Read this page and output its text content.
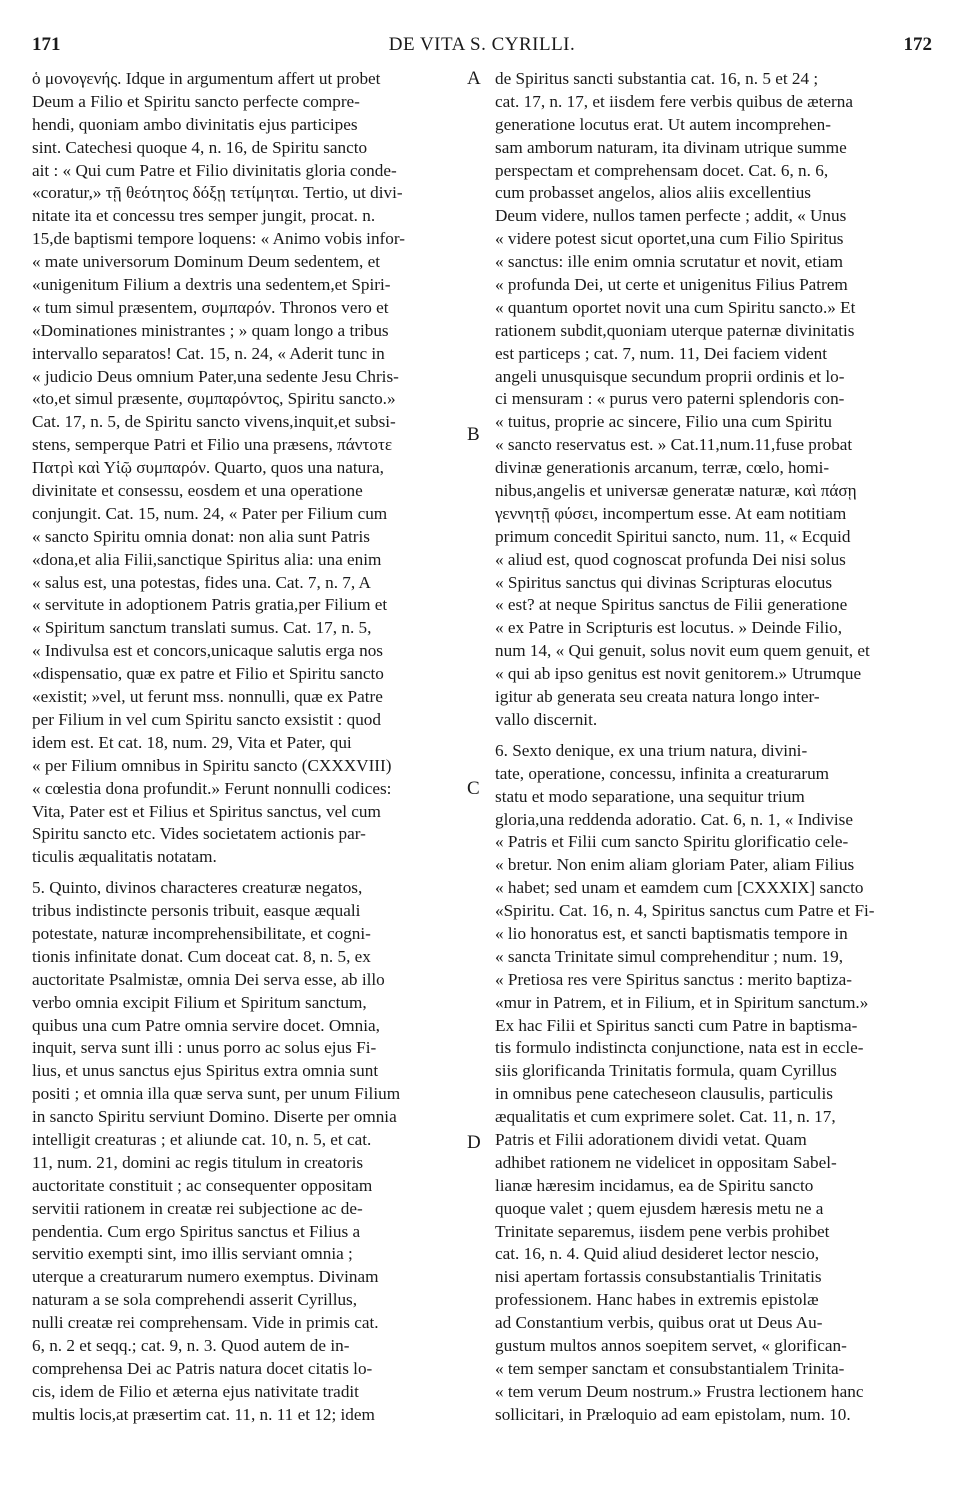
171	DE VITA S. CYRILLI.	172
ὁ μονογενής. Idque in argumentum affert ut probet
Deum a Filio et Spiritu sancto perfecte compre-
hendi, quoniam ambo divinitatis ejus participes
sint. Catechesi quoque 4, n. 16, de Spiritu sancto
ait : « Qui cum Patre et Filio divinitatis gloria conde-
«coratur,» τῇ θεότητος δόξῃ τετίμηται. Tertio, ut divi-
nitate ita et concessu tres semper jungit, procat. n.
15,de baptismi tempore loquens: « Animo vobis infor-
« mate universorum Dominum Deum sedentem, et
«unigenitum Filium a dextris una sedentem,et Spiri-
« tum simul præsentem, συμπαρόν. Thronos vero et
«Dominationes ministrantes ; » quam longo a tribus
intervallo separatos! Cat. 15, n. 24, « Aderit tunc in
« judicio Deus omnium Pater,una sedente Jesu Chris-
«to,et simul præsente, συμπαρόντος, Spiritu sancto.»
Cat. 17, n. 5, de Spiritu sancto vivens,inquit,et subsi-
stens, semperque Patri et Filio una præsens, πάντοτε
Πατρὶ καὶ Υἱῷ συμπαρόν. Quarto, quos una natura,
divinitate et consessu, eosdem et una operatione
conjungit. Cat. 15, num. 24, « Pater per Filium cum
« sancto Spiritu omnia donat: non alia sunt Patris
«dona,et alia Filii,sanctique Spiritus alia: una enim
« salus est, una potestas, fides una. Cat. 7, n. 7, A
« servitute in adoptionem Patris gratia,per Filium et
« Spiritum sanctum translati sumus. Cat. 17, n. 5,
« Indivulsa est et concors,unicaque salutis erga nos
«dispensatio, quæ ex patre et Filio et Spiritu sancto
«existit; »vel, ut ferunt mss. nonnulli, quæ ex Patre
per Filium in vel cum Spiritu sancto exsistit : quod
idem est. Et cat. 18, num. 29, Vita et Pater, qui
« per Filium omnibus in Spiritu sancto (CXXXVIII)
« cœlestia dona profundit.» Ferunt nonnulli codices:
Vita, Pater est et Filius et Spiritus sanctus, vel cum
Spiritu sancto etc. Vides societatem actionis par-
ticulis æqualitatis notatam.
5. Quinto, divinos characteres creaturæ negatos,
tribus indistincte personis tribuit, easque æquali
potestate, naturæ incomprehensibilitate, et cogni-
tionis infinitate donat. Cum doceat cat. 8, n. 5, ex
auctoritate Psalmistæ, omnia Dei serva esse, ab illo
verbo omnia excipit Filium et Spiritum sanctum,
quibus una cum Patre omnia servire docet. Omnia,
inquit, serva sunt illi : unus porro ac solus ejus Fi-
lius, et unus sanctus ejus Spiritus extra omnia sunt
positi ; et omnia illa quæ serva sunt, per unum Filium
in sancto Spiritu serviunt Domino. Diserte per omnia
intelligit creaturas ; et aliunde cat. 10, n. 5, et cat.
11, num. 21, domini ac regis titulum in creatoris
auctoritate constituit ; ac consequenter oppositam
servitii rationem in creatæ rei subjectione ac de-
pendentia. Cum ergo Spiritus sanctus et Filius a
servitio exempti sint, imo illis serviant omnia ;
uterque a creaturarum numero exemptus. Divinam
naturam a se sola comprehendi asserit Cyrillus,
nulli creatæ rei comprehensam. Vide in primis cat.
6, n. 2 et seqq.; cat. 9, n. 3. Quod autem de in-
comprehensa Dei ac Patris natura docet citatis lo-
cis, idem de Filio et æterna ejus nativitate tradit
multis locis,at præsertim cat. 11, n. 11 et 12; idem
de Spiritus sancti substantia cat. 16, n. 5 et 24 ;
cat. 17, n. 17, et iisdem fere verbis quibus de æterna
generatione locutus erat. Ut autem incomprehen-
sam amborum naturam, ita divinam utrique summe
perspectam et comprehensam docet. Cat. 6, n. 6,
cum probasset angelos, alios aliis excellentius
Deum videre, nullos tamen perfecte ; addit, « Unus
« videre potest sicut oportet,una cum Filio Spiritus
« sanctus: ille enim omnia scrutatur et novit, etiam
« profunda Dei, ut certe et unigenitus Filius Patrem
« quantum oportet novit una cum Spiritu sancto.» Et
rationem subdit,quoniam uterque paternæ divinitatis
est particeps ; cat. 7, num. 11, Dei faciem vident
angeli unusquisque secundum proprii ordinis et lo-
ci mensuram : « purus vero paterni splendoris con-
« tuitus, proprie ac sincere, Filio una cum Spiritu
« sancto reservatus est. » Cat.11,num.11,fuse probat
divinæ generationis arcanum, terræ, cœlo, homi-
nibus,angelis et universæ generatæ naturæ, καὶ πάσῃ
γεννητῇ φύσει, incompertum esse. At eam notitiam
primum concedit Spiritui sancto, num. 11, « Ecquid
« aliud est, quod cognoscat profunda Dei nisi solus
« Spiritus sanctus qui divinas Scripturas elocutus
« est? at neque Spiritus sanctus de Filii generatione
« ex Patre in Scripturis est locutus. » Deinde Filio,
num 14, « Qui genuit, solus novit eum quem genuit, et
« qui ab ipso genitus est novit genitorem.» Utrumque
igitur ab generata seu creata natura longo inter-
vallo discernit.
6. Sexto denique, ex una trium natura, divini-
tate, operatione, concessu, infinita a creaturarum
statu et modo separatione, una sequitur trium
gloria,una reddenda adoratio. Cat. 6, n. 1, « Indivise
« Patris et Filii cum sancto Spiritu glorificatio cele-
« bretur. Non enim aliam gloriam Pater, aliam Filius
« habet; sed unam et eamdem cum [CXXXIX] sancto
«Spiritu. Cat. 16, n. 4, Spiritus sanctus cum Patre et Fi-
« lio honoratus est, et sancti baptismatis tempore in
« sancta Trinitate simul comprehenditur ; num. 19,
« Pretiosa res vere Spiritus sanctus : merito baptiza-
«mur in Patrem, et in Filium, et in Spiritum sanctum.»
Ex hac Filii et Spiritus sancti cum Patre in baptisma-
tis formulo indistincta conjunctione, nata est in eccle-
siis glorificanda Trinitatis formula, quam Cyrillus
in omnibus pene catecheseon clausulis, particulis
æqualitatis et cum exprimere solet. Cat. 11, n. 17,
Patris et Filii adorationem dividi vetat. Quam
adhibet rationem ne videlicet in oppositam Sabel-
lianæ hæresim incidamus, ea de Spiritu sancto
quoque valet ; quem ejusdem hæresis metu ne a
Trinitate separemus, iisdem pene verbis prohibet
cat. 16, n. 4. Quid aliud desideret lector nescio,
nisi apertam fortassis consubstantialis Trinitatis
professionem. Hanc habes in extremis epistolæ
ad Constantium verbis, quibus orat ut Deus Au-
gustum multos annos soepitem servet, « glorifican-
« tem semper sanctam et consubstantialem Trinita-
« tem verum Deum nostrum.» Frustra lectionem hanc
sollicitari, in Præloquio ad eam epistolam, num. 10.
A
B
C
D
